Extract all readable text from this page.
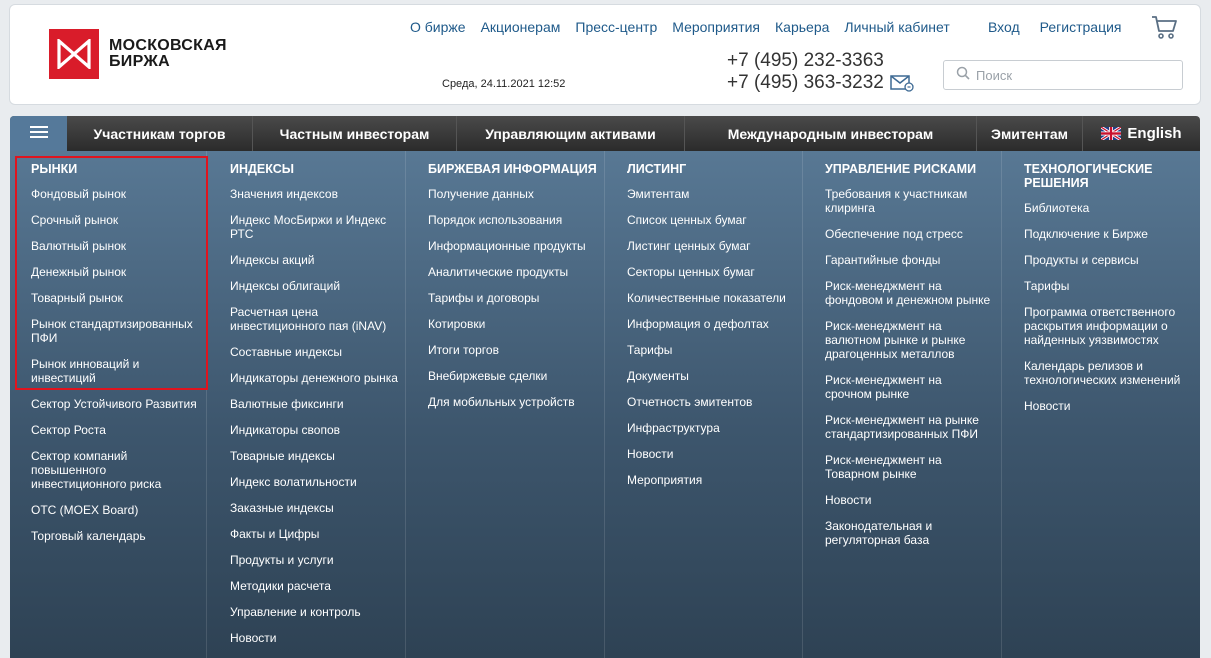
МОСКОВСКАЯ
БИРЖА
О бирже Акционерам Пресс-центр Мероприятия Карьера Личный кабинет	Вход Регистрация
Среда, 24.11.2021 12:52
+7 (495) 232-3363
+7 (495) 363-3232
Поиск
Участникам торгов	Частным инвесторам	Управляющим активами	Международным инвесторам	Эмитентам	English
РЫНКИ
Фондовый рынок
Срочный рынок
Валютный рынок
Денежный рынок
Товарный рынок
Рынок стандартизированных ПФИ
Рынок инноваций и инвестиций
Сектор Устойчивого Развития
Сектор Роста
Сектор компаний повышенного инвестиционного риска
OTC (MOEX Board)
Торговый календарь
ИНДЕКСЫ
Значения индексов
Индекс МосБиржи и Индекс РТС
Индексы акций
Индексы облигаций
Расчетная цена инвестиционного пая (iNAV)
Составные индексы
Индикаторы денежного рынка
Валютные фиксинги
Индикаторы свопов
Товарные индексы
Индекс волатильности
Заказные индексы
Факты и Цифры
Продукты и услуги
Методики расчета
Управление и контроль
Новости
БИРЖЕВАЯ ИНФОРМАЦИЯ
Получение данных
Порядок использования
Информационные продукты
Аналитические продукты
Тарифы и договоры
Котировки
Итоги торгов
Внебиржевые сделки
Для мобильных устройств
ЛИСТИНГ
Эмитентам
Список ценных бумаг
Листинг ценных бумаг
Секторы ценных бумаг
Количественные показатели
Информация о дефолтах
Тарифы
Документы
Отчетность эмитентов
Инфраструктура
Новости
Мероприятия
УПРАВЛЕНИЕ РИСКАМИ
Требования к участникам клиринга
Обеспечение под стресс
Гарантийные фонды
Риск-менеджмент на фондовом и денежном рынке
Риск-менеджмент на валютном рынке и рынке драгоценных металлов
Риск-менеджмент на срочном рынке
Риск-менеджмент на рынке стандартизированных ПФИ
Риск-менеджмент на Товарном рынке
Новости
Законодательная и регуляторная база
ТЕХНОЛОГИЧЕСКИЕ РЕШЕНИЯ
Библиотека
Подключение к Бирже
Продукты и сервисы
Тарифы
Программа ответственного раскрытия информации о найденных уязвимостях
Календарь релизов и технологических изменений
Новости
